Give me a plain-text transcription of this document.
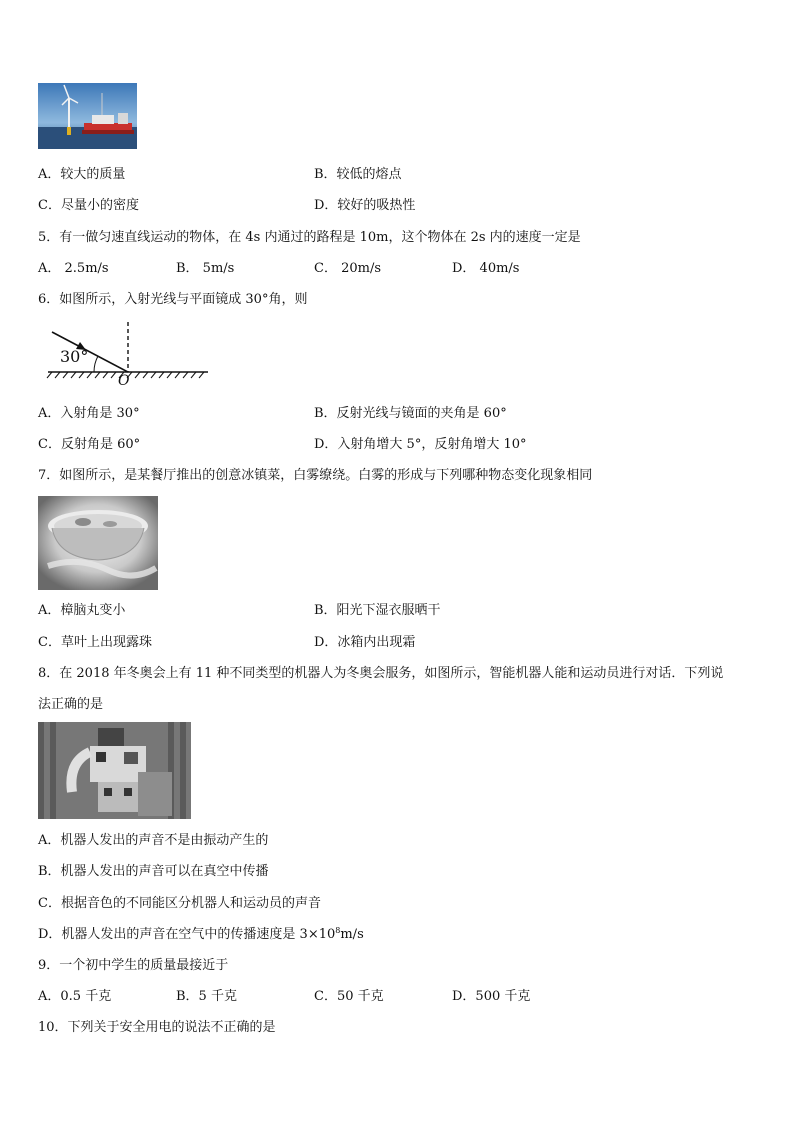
A．较大的质量	B．较低的熔点
C．尽量小的密度	D．较好的吸热性
5．有一做匀速直线运动的物体，在 4s 内通过的路程是 10m，这个物体在 2s 内的速度一定是
A． 2.5m/s	B． 5m/s	C． 20m/s	D． 40m/s
6．如图所示，入射光线与平面镜成 30°角，则
30°
O
A．入射角是 30°	B．反射光线与镜面的夹角是 60°
C．反射角是 60°	D．入射角增大 5°，反射角增大 10°
7．如图所示，是某餐厅推出的创意冰镇菜，白雾缭绕。白雾的形成与下列哪种物态变化现象相同
A．樟脑丸变小	B．阳光下湿衣服晒干
C．草叶上出现露珠	D．冰箱内出现霜
8．在 2018 年冬奥会上有 11 种不同类型的机器人为冬奥会服务，如图所示，智能机器人能和运动员进行对话．下列说
法正确的是
A．机器人发出的声音不是由振动产生的
B．机器人发出的声音可以在真空中传播
C．根据音色的不同能区分机器人和运动员的声音
D．机器人发出的声音在空气中的传播速度是 $3\times 10^8m/s$
9．一个初中学生的质量最接近于
A．0.5 千克	B．5 千克	C．50 千克	D．500 千克
10．下列关于安全用电的说法不正确的是
